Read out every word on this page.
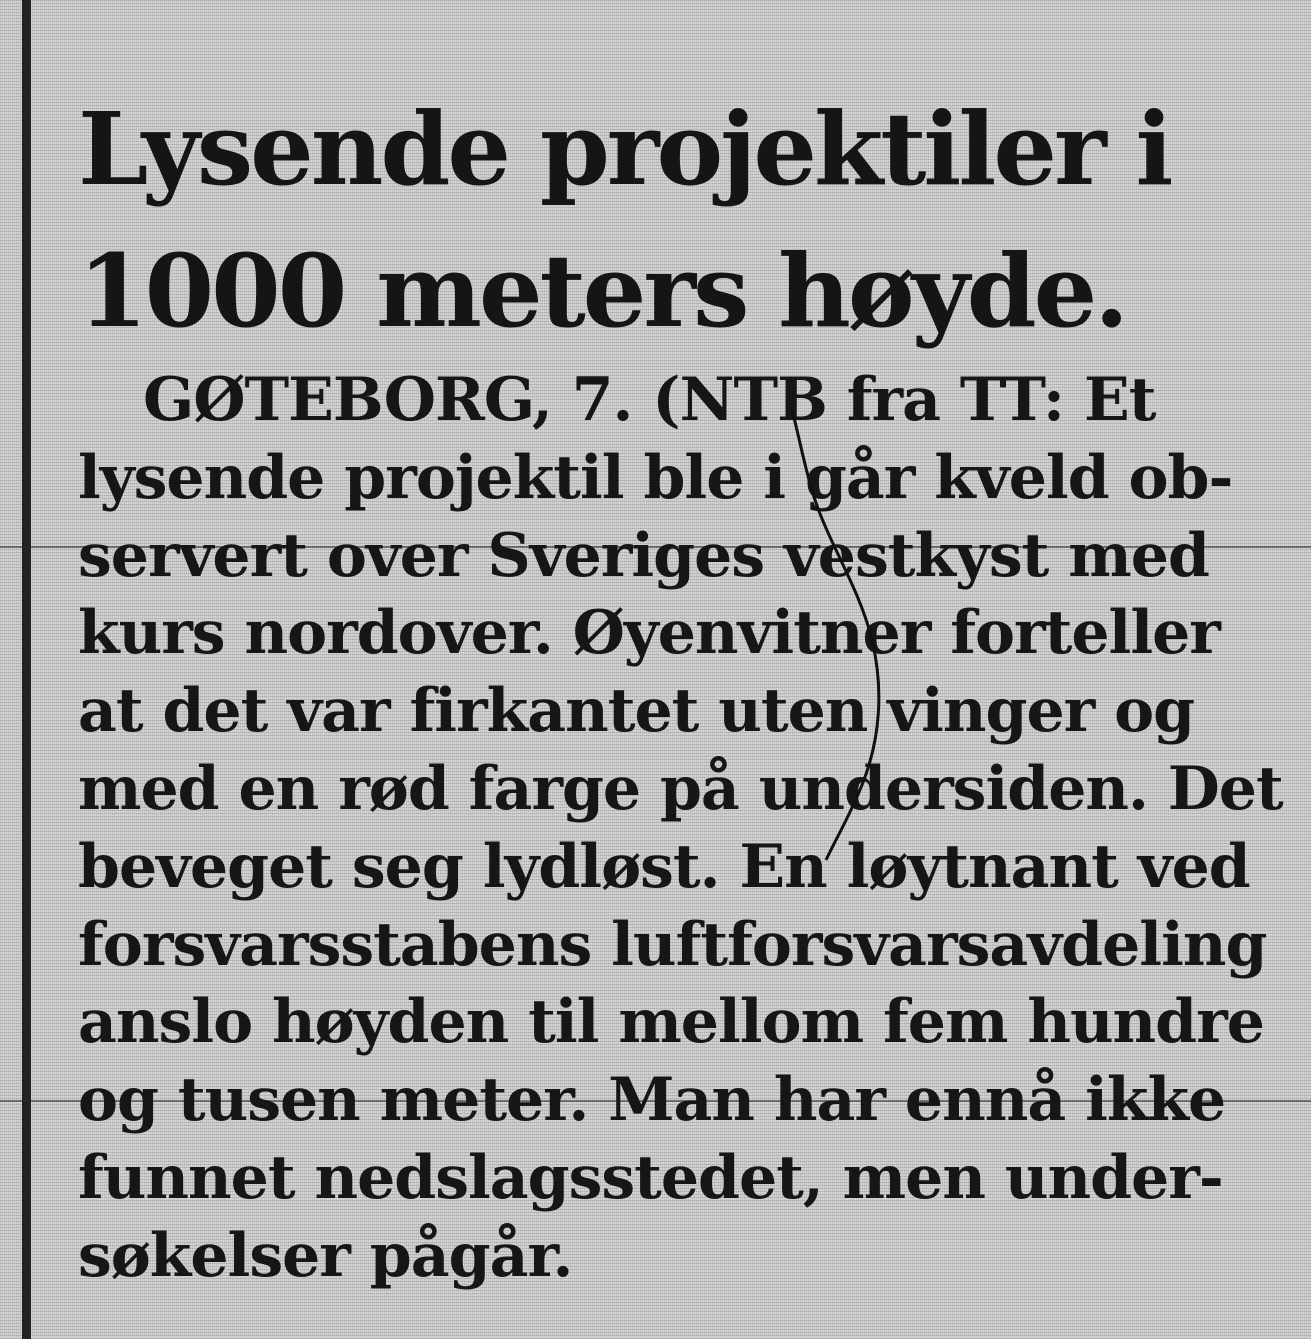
Lysende projektiler i
1000 meters høyde.
GØTEBORG, 7. (NTB fra TT: Et
lysende projektil ble i går kveld ob-
servert over Sveriges vestkyst med
kurs nordover. Øyenvitner forteller
at det var firkantet uten vinger og
med en rød farge på undersiden. Det
beveget seg lydløst. En løytnant ved
forsvarsstabens luftforsvarsavdeling
anslo høyden til mellom fem hundre
og tusen meter. Man har ennå ikke
funnet nedslagsstedet, men under-
søkelser pågår.
